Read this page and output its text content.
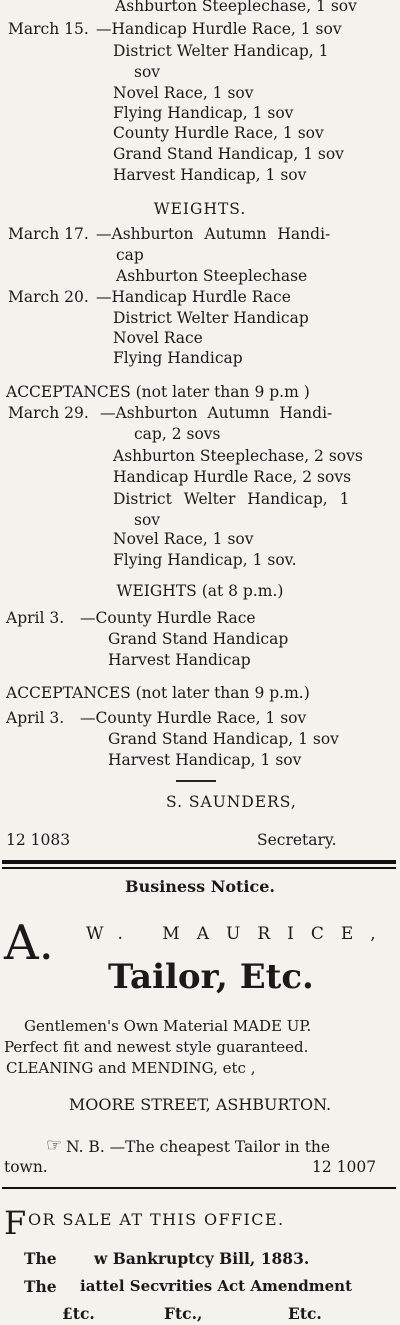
Ashburton Steeplechase, 1 sov
March 15. —Handicap Hurdle Race, 1 sov
District Welter Handicap, 1
sov
Novel Race, 1 sov
Flying Handicap, 1 sov
County Hurdle Race, 1 sov
Grand Stand Handicap, 1 sov
Harvest Handicap, 1 sov
WEIGHTS.
March 17. —Ashburton Autumn Handi-
cap
Ashburton Steeplechase
March 20. —Handicap Hurdle Race
District Welter Handicap
Novel Race
Flying Handicap
ACCEPTANCES (not later than 9 p.m )
March 29. —Ashburton Autumn Handi-
cap, 2 sovs
Ashburton Steeplechase, 2 sovs
Handicap Hurdle Race, 2 sovs
District Welter Handicap, 1
sov
Novel Race, 1 sov
Flying Handicap, 1 sov.
WEIGHTS (at 8 p.m.)
April 3. —County Hurdle Race
Grand Stand Handicap
Harvest Handicap
ACCEPTANCES (not later than 9 p.m.)
April 3. —County Hurdle Race, 1 sov
Grand Stand Handicap, 1 sov
Harvest Handicap, 1 sov
S. SAUNDERS,
12 1083	Secretary.
Business Notice.
A. W. MAURICE,
Tailor, Etc.
Gentlemen's Own Material MADE UP.
Perfect fit and newest style guaranteed.
CLEANING and MENDING, etc ,
MOORE STREET, ASHBURTON.
☞ N. B. —The cheapest Tailor in the
town.	12 1007
F OR SALE AT THIS OFFICE.
The w Bankruptcy Bill, 1883.
The iattel Secvrities Act Amendment
£tc.	Ftc.,	Etc.
